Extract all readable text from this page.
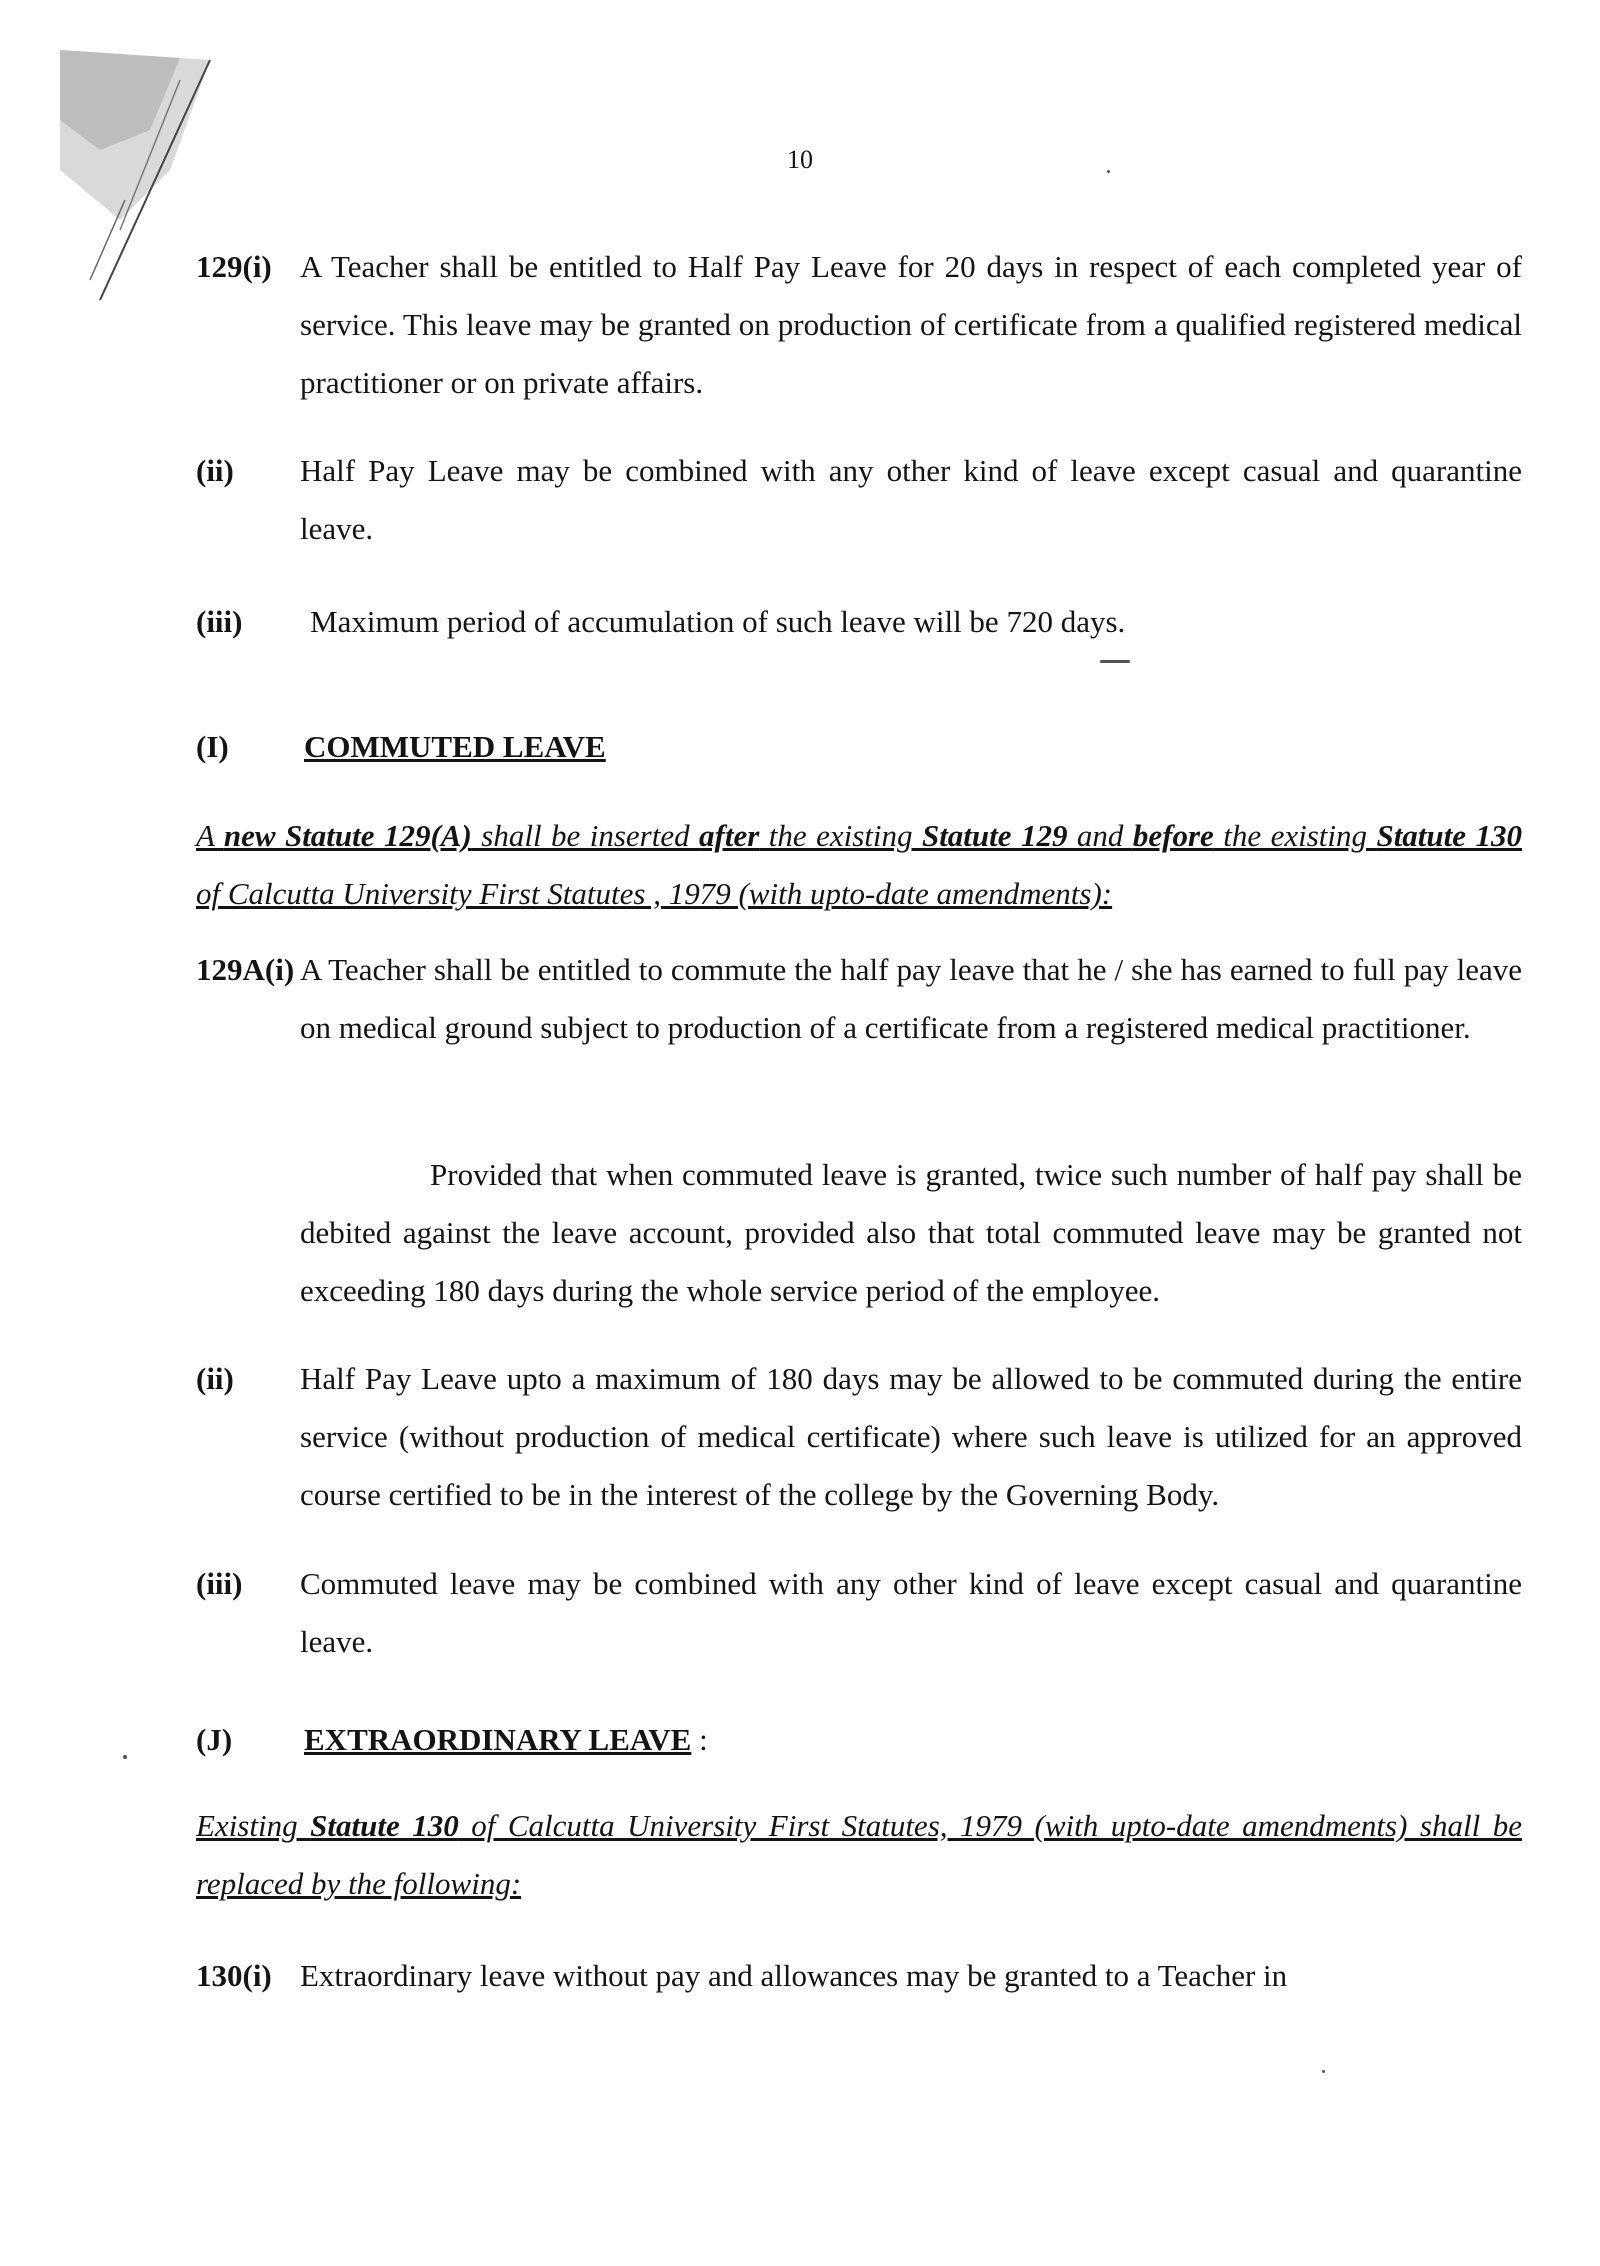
10
129(i) A Teacher shall be entitled to Half Pay Leave for 20 days in respect of each completed year of service. This leave may be granted on production of certificate from a qualified registered medical practitioner or on private affairs.
(ii) Half Pay Leave may be combined with any other kind of leave except casual and quarantine leave.
(iii) Maximum period of accumulation of such leave will be 720 days.
(I) COMMUTED LEAVE
A new Statute 129(A) shall be inserted after the existing Statute 129 and before the existing Statute 130 of Calcutta University First Statutes , 1979 (with upto-date amendments):
129A(i) A Teacher shall be entitled to commute the half pay leave that he / she has earned to full pay leave on medical ground subject to production of a certificate from a registered medical practitioner.
Provided that when commuted leave is granted, twice such number of half pay shall be debited against the leave account, provided also that total commuted leave may be granted not exceeding 180 days during the whole service period of the employee.
(ii) Half Pay Leave upto a maximum of 180 days may be allowed to be commuted during the entire service (without production of medical certificate) where such leave is utilized for an approved course certified to be in the interest of the college by the Governing Body.
(iii) Commuted leave may be combined with any other kind of leave except casual and quarantine leave.
(J) EXTRAORDINARY LEAVE :
Existing Statute 130 of Calcutta University First Statutes, 1979 (with upto-date amendments) shall be replaced by the following:
130(i) Extraordinary leave without pay and allowances may be granted to a Teacher in
